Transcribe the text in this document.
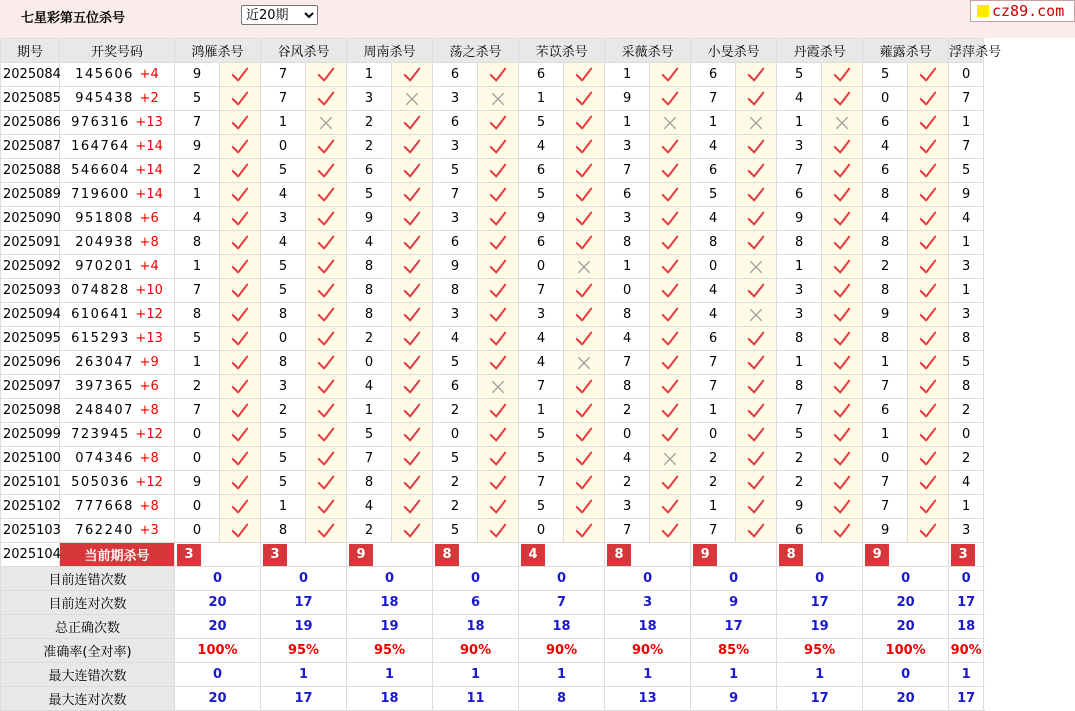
七星彩第五位杀号
近20期	cz89.com
期号	开奖号码	鸿雁杀号		谷风杀号		周南杀号		荡之杀号		芣苡杀号		采薇杀号		小旻杀号		丹霞杀号		蕹露杀号		浮萍杀号	
2025084	145606 +4	9		7		1		6		6		1		6		5		5		0		
2025085	945438 +2	5		7		3		3		1		9		7		4		0		7		
2025086	976316 +13	7		1		2		6		5		1		1		1		6		1		
2025087	164764 +14	9		0		2		3		4		3		4		3		4		7		
2025088	546604 +14	2		5		6		5		6		7		6		7		6		5		
2025089	719600 +14	1		4		5		7		5		6		5		6		8		9		
2025090	951808 +6	4		3		9		3		9		3		4		9		4		4		
2025091	204938 +8	8		4		4		6		6		8		8		8		8		1		
2025092	970201 +4	1		5		8		9		0		1		0		1		2		3		
2025093	074828 +10	7		5		8		8		7		0		4		3		8		1		
2025094	610641 +12	8		8		8		3		3		8		4		3		9		3		
2025095	615293 +13	5		0		2		4		4		4		6		8		8		8		
2025096	263047 +9	1		8		0		5		4		7		7		1		1		5		
2025097	397365 +6	2		3		4		6		7		8		7		8		7		8		
2025098	248407 +8	7		2		1		2		1		2		1		7		6		2		
2025099	723945 +12	0		5		5		0		5		0		0		5		1		0		
2025100	074346 +8	0		5		7		5		5		4		2		2		0		2		
2025101	505036 +12	9		5		8		2		7		2		2		2		7		4		
2025102	777668 +8	0		1		4		2		5		3		1		9		7		1		
2025103	762240 +3	0		8		2		5		0		7		7		6		9		3		
2025104	当前期杀号	3		3		9		8		4		8		9		8		9		3	

目前连错次数		0		0		0		0		0		0		0		0		0		0	
目前连对次数		20		17		18		6		7		3		9		17		20		17	
总正确次数		20		19		19		18		18		18		17		19		20		18	
准确率(全对率)		100%		95%		95%		90%		90%		90%		85%		95%		100%		90%	
最大连错次数		0		1		1		1		1		1		1		1		0		1	
最大连对次数		20		17		18		11		8		13		9		17		20		17	
